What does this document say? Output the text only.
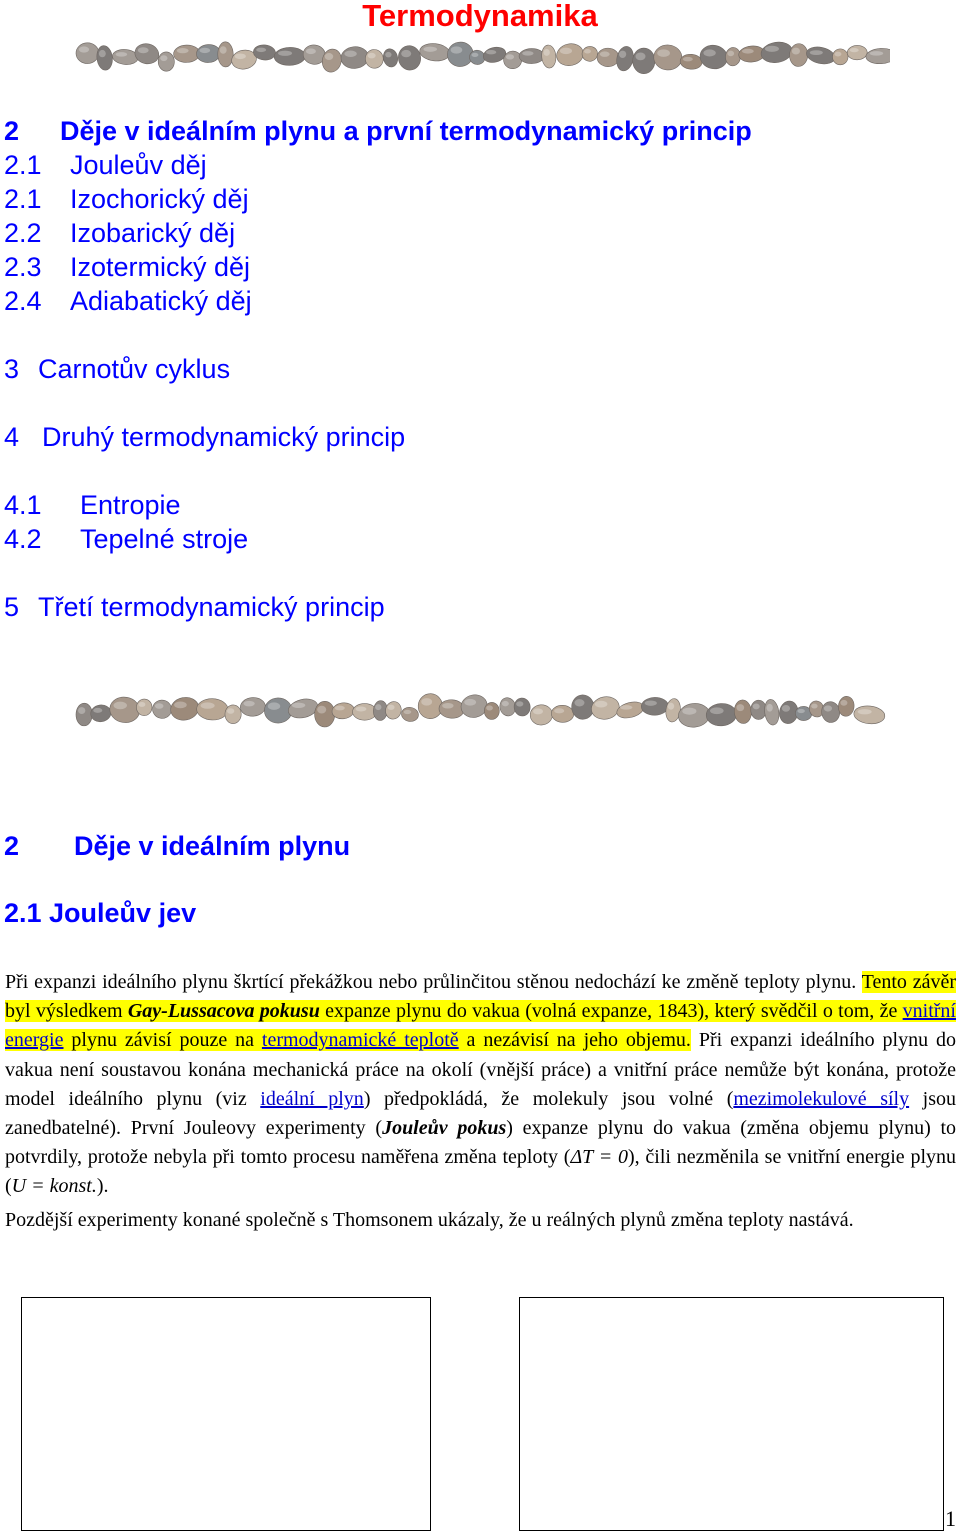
Termodynamika
2 Děje v ideálním plynu a první termodynamický princip
2.1 Jouleův děj
2.1 Izochorický děj
2.2 Izobarický děj
2.3 Izotermický děj
2.4 Adiabatický děj
3 Carnotův cyklus
4 Druhý termodynamický princip
4.1 Entropie
4.2 Tepelné stroje
5 Třetí termodynamický princip
2 Děje v ideálním plynu
2.1 Jouleův jev
Při expanzi ideálního plynu škrtící překážkou nebo průlinčitou stěnou nedochází ke změně teploty plynu. Tento závěr byl výsledkem Gay-Lussacova pokusu expanze plynu do vakua (volná expanze, 1843), který svědčil o tom, že vnitřní energie plynu závisí pouze na termodynamické teplotě a nezávisí na jeho objemu. Při expanzi ideálního plynu do vakua není soustavou konána mechanická práce na okolí (vnější práce) a vnitřní práce nemůže být konána, protože model ideálního plynu (viz ideální plyn) předpokládá, že molekuly jsou volné (mezimolekulové síly jsou zanedbatelné). První Jouleovy experimenty (Jouleův pokus) expanze plynu do vakua (změna objemu plynu) to potvrdily, protože nebyla při tomto procesu naměřena změna teploty (ΔT = 0), čili nezměnila se vnitřní energie plynu (U = konst.).
Pozdější experimenty konané společně s Thomsonem ukázaly, že u reálných plynů změna teploty nastává.
1
